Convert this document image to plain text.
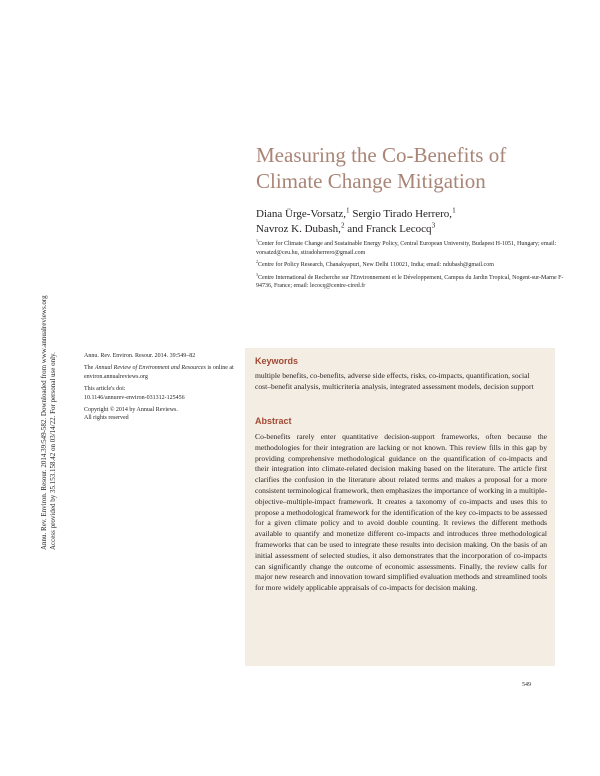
Annu. Rev. Environ. Resour. 2014.39:549-582. Downloaded from www.annualreviews.org Access provided by 35.153.158.42 on 03/14/22. For personal use only.
Measuring the Co-Benefits of
Climate Change Mitigation
Diana Ürge-Vorsatz,$^1$ Sergio Tirado Herrero,$^1$
Navroz K. Dubash,$^2$ and Franck Lecocq$^3$

$^1$Center for Climate Change and Sustainable Energy Policy, Central European University, Budapest H-1051, Hungary; email: vorsatzd@ceu.hu, stiradoherrero@gmail.com

$^2$Centre for Policy Research, Chanakyapuri, New Delhi 110021, India; email: ndubash@gmail.com

$^3$Centre International de Recherche sur l'Environnement et le Développement, Campus du Jardin Tropical, Nogent-sur-Marne F-94736, France; email: lecocq@centre-cired.fr

Annu. Rev. Environ. Resour. 2014. 39:549–82

The Annual Review of Environment and Resources is online at environ.annualreviews.org

This article's doi:
10.1146/annurev-environ-031312-125456

Copyright © 2014 by Annual Reviews.
All rights reserved

Keywords
multiple benefits, co-benefits, adverse side effects, risks, co-impacts, quantification, social cost–benefit analysis, multicriteria analysis, integrated assessment models, decision support
Abstract
Co-benefits rarely enter quantitative decision-support frameworks, often because the methodologies for their integration are lacking or not known. This review fills in this gap by providing comprehensive methodological guidance on the quantification of co-impacts and their integration into climate-related decision making based on the literature. The article first clarifies the confusion in the literature about related terms and makes a proposal for a more consistent terminological framework, then emphasizes the importance of working in a multiple-objective–multiple-impact framework. It creates a taxonomy of co-impacts and uses this to propose a methodological framework for the identification of the key co-impacts to be assessed for a given climate policy and to avoid double counting. It reviews the different methods available to quantify and monetize different co-impacts and introduces three methodological frameworks that can be used to integrate these results into decision making. On the basis of an initial assessment of selected studies, it also demonstrates that the incorporation of co-impacts can significantly change the outcome of economic assessments. Finally, the review calls for major new research and innovation toward simplified evaluation methods and streamlined tools for more widely applicable appraisals of co-impacts for decision making.
549
